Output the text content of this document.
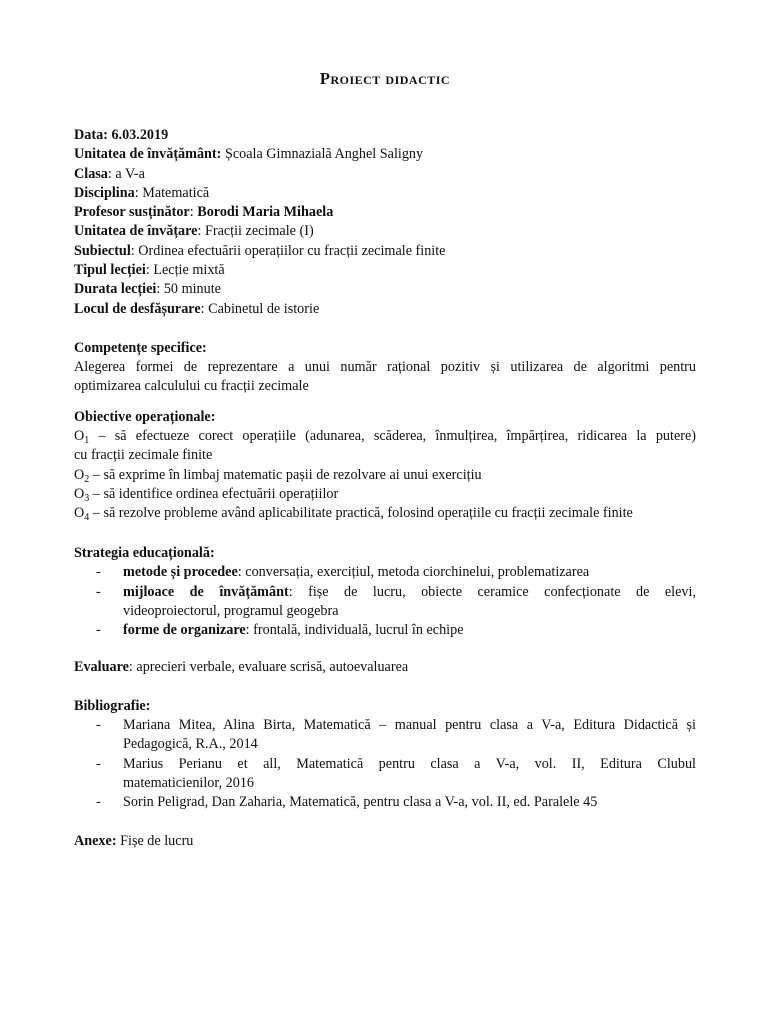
Proiect didactic
Data: 6.03.2019
Unitatea de învățământ: Școala Gimnazială Anghel Saligny
Clasa: a V-a
Disciplina: Matematică
Profesor susținător: Borodi Maria Mihaela
Unitatea de învățare: Fracții zecimale (I)
Subiectul: Ordinea efectuării operațiilor cu fracții zecimale finite
Tipul lecției: Lecție mixtă
Durata lecției: 50 minute
Locul de desfășurare: Cabinetul de istorie
Competențe specifice:
Alegerea formei de reprezentare a unui număr rațional pozitiv și utilizarea de algoritmi pentru
optimizarea calculului cu fracții zecimale
Obiective operaționale:
$O_1$ – să efectueze corect operațiile (adunarea, scăderea, înmulțirea, împărțirea, ridicarea la putere)
cu fracții zecimale finite
$O_2$ – să exprime în limbaj matematic pașii de rezolvare ai unui exercițiu
$O_3$ – să identifice ordinea efectuării operațiilor
$O_4$ – să rezolve probleme având aplicabilitate practică, folosind operațiile cu fracții zecimale finite
Strategia educațională:
- metode și procedee: conversația, exercițiul, metoda ciorchinelui, problematizarea
- mijloace de învățământ: fișe de lucru, obiecte ceramice confecționate de elevi,
videoproiectorul, programul geogebra
- forme de organizare: frontală, individuală, lucrul în echipe
Evaluare: aprecieri verbale, evaluare scrisă, autoevaluarea
Bibliografie:
- Mariana Mitea, Alina Birta, Matematică – manual pentru clasa a V-a, Editura Didactică și
Pedagogică, R.A., 2014
- Marius Perianu et all, Matematică pentru clasa a V-a, vol. II, Editura Clubul
matematicienilor, 2016
- Sorin Peligrad, Dan Zaharia, Matematică, pentru clasa a V-a, vol. II, ed. Paralele 45
Anexe: Fișe de lucru
